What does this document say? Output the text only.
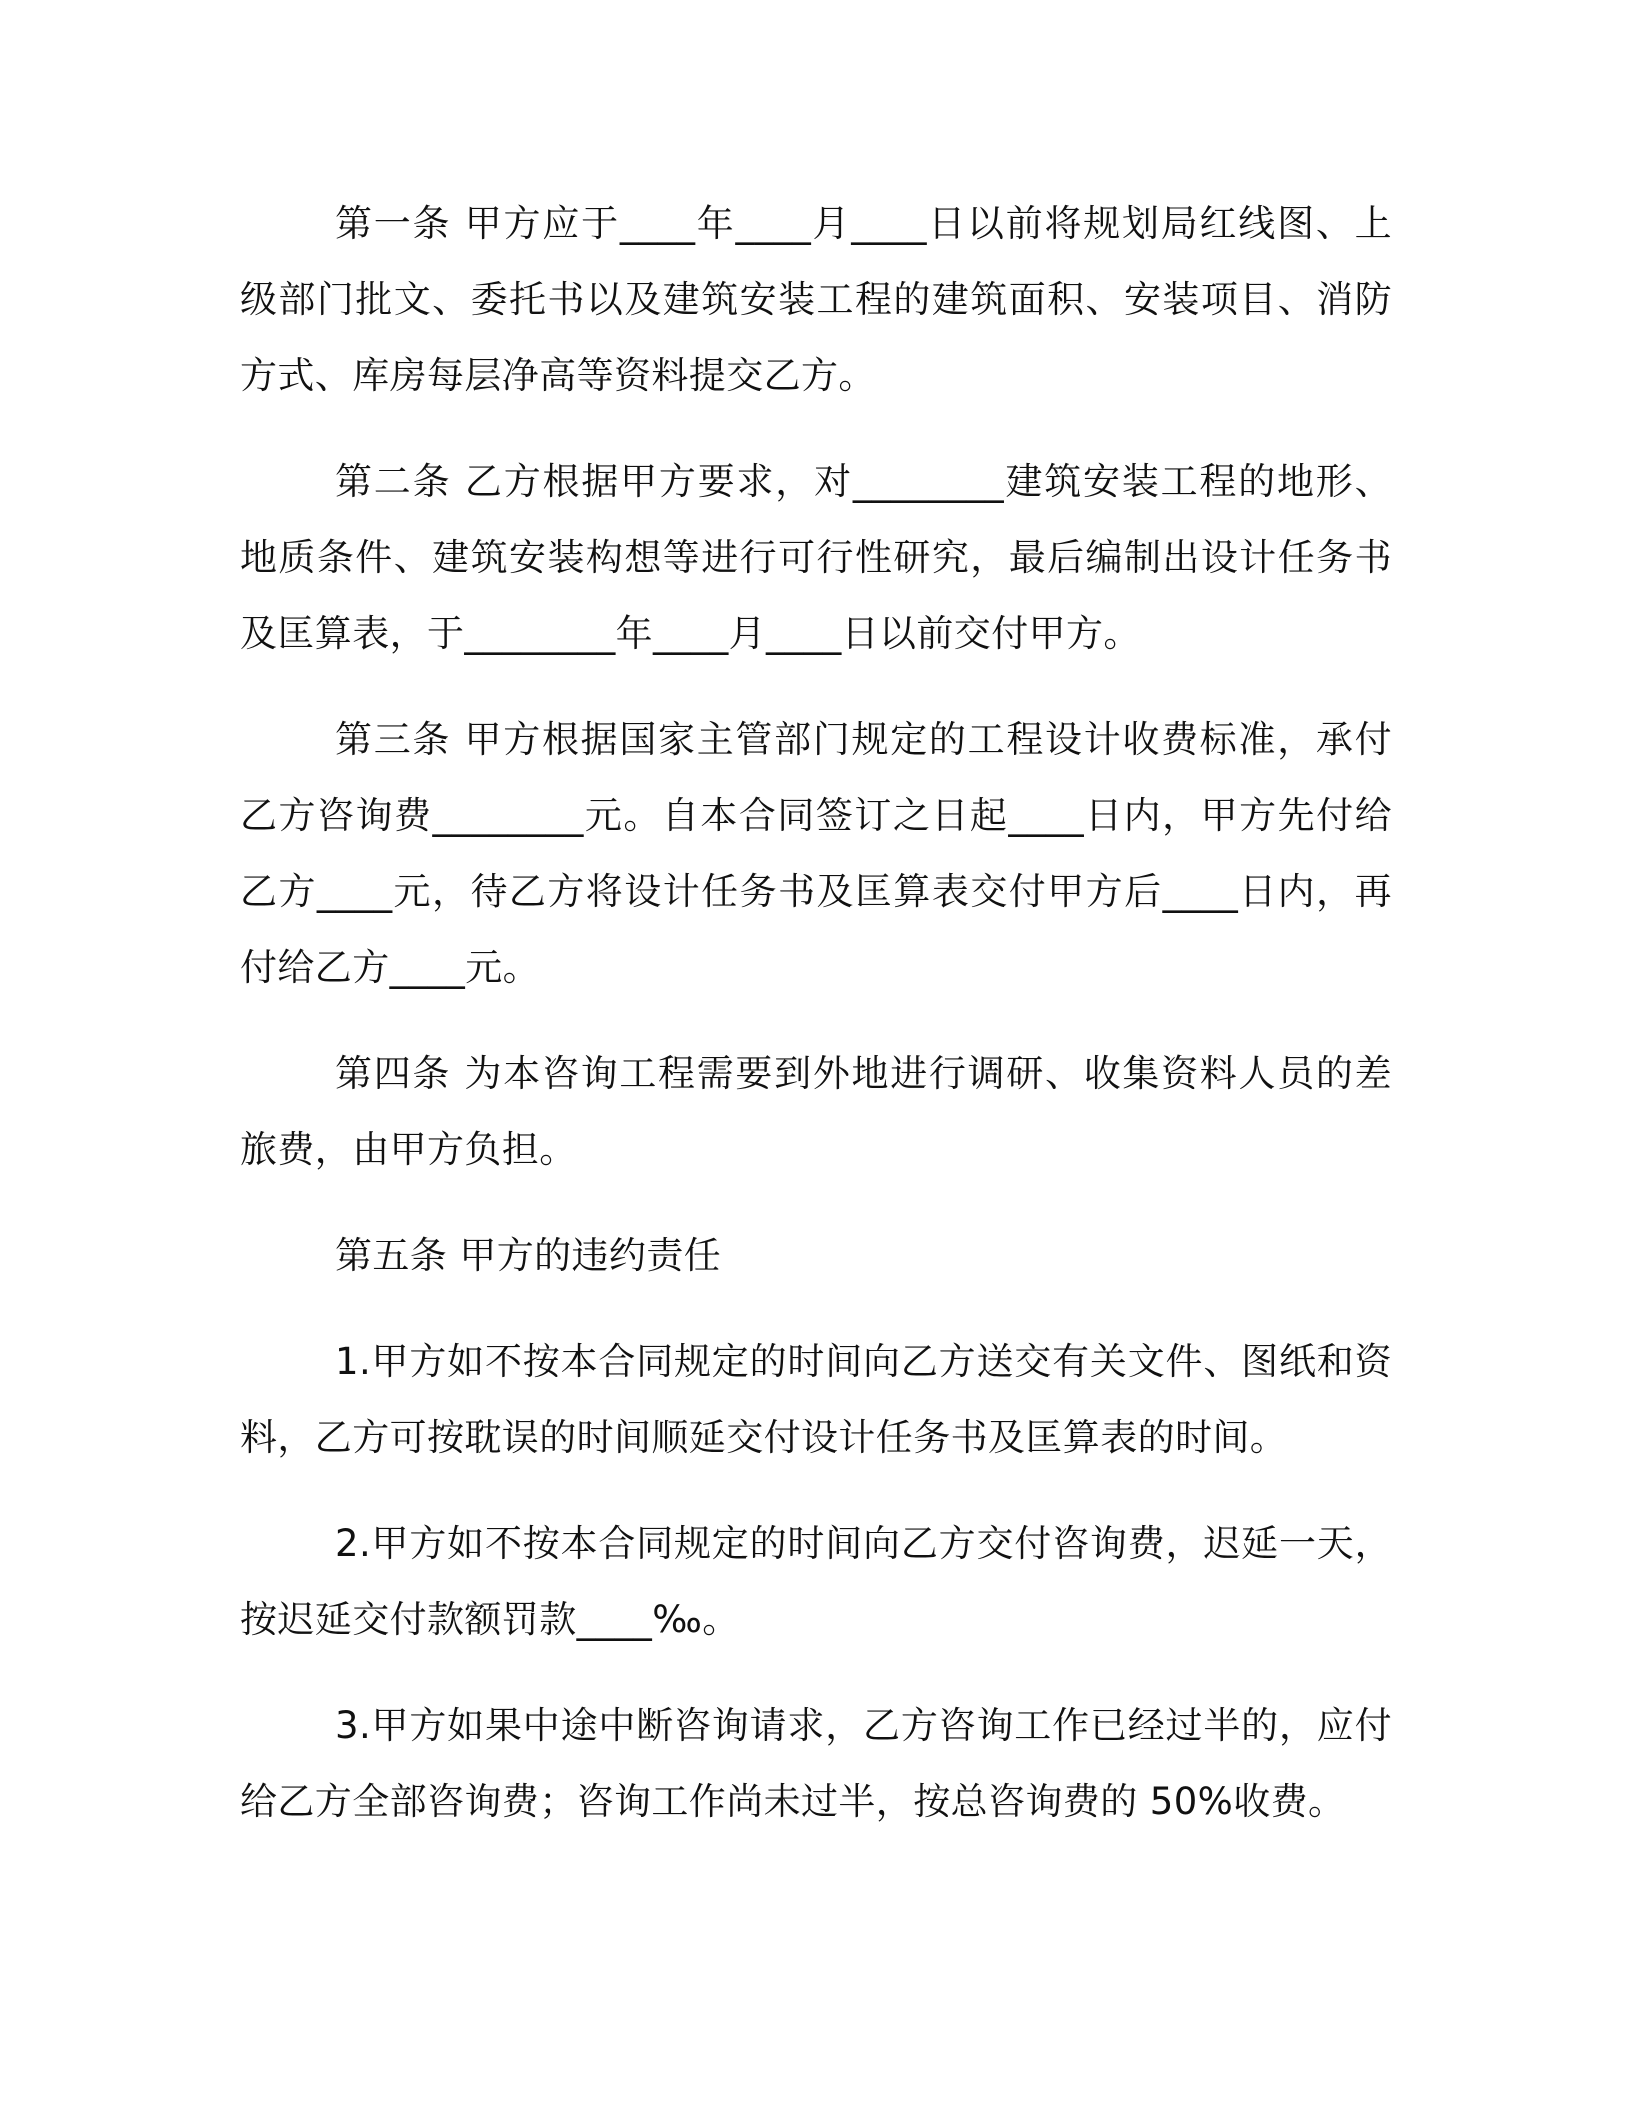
第一条 甲方应于____年____月____日以前将规划局红线图、上级部门批文、委托书以及建筑安装工程的建筑面积、安装项目、消防方式、库房每层净高等资料提交乙方。

第二条 乙方根据甲方要求，对________建筑安装工程的地形、地质条件、建筑安装构想等进行可行性研究，最后编制出设计任务书及匡算表，于________年____月____日以前交付甲方。

第三条 甲方根据国家主管部门规定的工程设计收费标准，承付乙方咨询费________元。自本合同签订之日起____日内，甲方先付给乙方____元，待乙方将设计任务书及匡算表交付甲方后____日内，再付给乙方____元。

第四条 为本咨询工程需要到外地进行调研、收集资料人员的差旅费，由甲方负担。

第五条 甲方的违约责任

1.甲方如不按本合同规定的时间向乙方送交有关文件、图纸和资料，乙方可按耽误的时间顺延交付设计任务书及匡算表的时间。

2.甲方如不按本合同规定的时间向乙方交付咨询费，迟延一天，按迟延交付款额罚款____‰。

3.甲方如果中途中断咨询请求，乙方咨询工作已经过半的，应付给乙方全部咨询费；咨询工作尚未过半，按总咨询费的 50%收费。
